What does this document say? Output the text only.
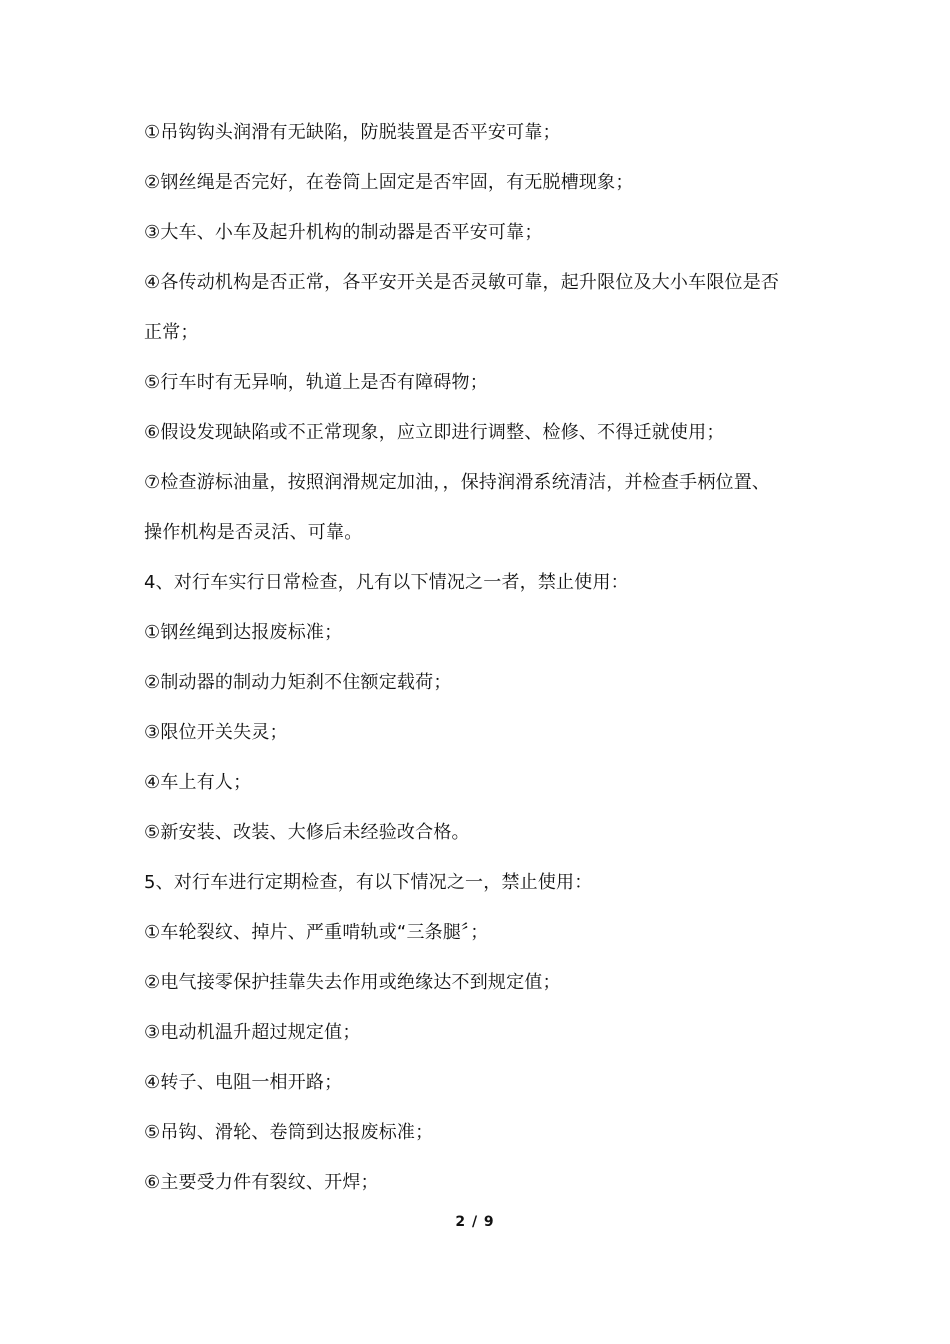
①吊钩钩头润滑有无缺陷，防脱装置是否平安可靠；
②钢丝绳是否完好，在卷筒上固定是否牢固，有无脱槽现象；
③大车、小车及起升机构的制动器是否平安可靠；
④各传动机构是否正常，各平安开关是否灵敏可靠，起升限位及大小车限位是否
正常；
⑤行车时有无异响，轨道上是否有障碍物；
⑥假设发现缺陷或不正常现象，应立即进行调整、检修、不得迁就使用；
⑦检查游标油量，按照润滑规定加油，，保持润滑系统清洁，并检查手柄位置、
操作机构是否灵活、可靠。
4、对行车实行日常检查，凡有以下情况之一者，禁止使用：
①钢丝绳到达报废标准；
②制动器的制动力矩刹不住额定载荷；
③限位开关失灵；
④车上有人；
⑤新安装、改装、大修后未经验改合格。
5、对行车进行定期检查，有以下情况之一，禁止使用：
①车轮裂纹、掉片、严重啃轨或“三条腿〞；
②电气接零保护挂靠失去作用或绝缘达不到规定值；
③电动机温升超过规定值；
④转子、电阻一相开路；
⑤吊钩、滑轮、卷筒到达报废标准；
⑥主要受力件有裂纹、开焊；
2 / 9
